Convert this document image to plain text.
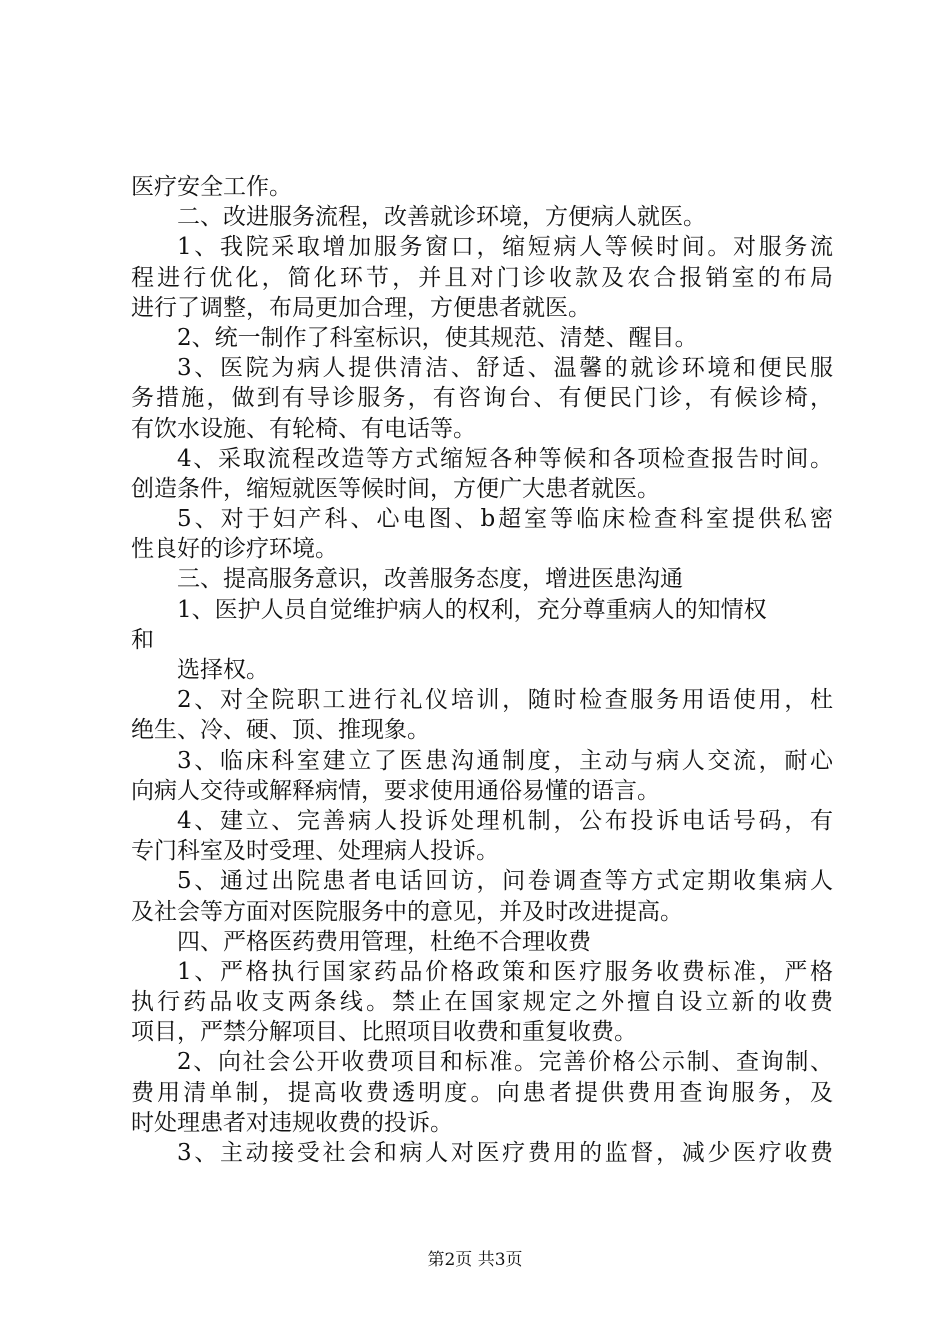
医疗安全工作。
二、改进服务流程，改善就诊环境，方便病人就医。
1、我院采取增加服务窗口，缩短病人等候时间。对服务流
程进行优化，简化环节，并且对门诊收款及农合报销室的布局
进行了调整，布局更加合理，方便患者就医。
2、统一制作了科室标识，使其规范、清楚、醒目。
3、医院为病人提供清洁、舒适、温馨的就诊环境和便民服
务措施，做到有导诊服务，有咨询台、有便民门诊，有候诊椅，
有饮水设施、有轮椅、有电话等。
4、采取流程改造等方式缩短各种等候和各项检查报告时间。
创造条件，缩短就医等候时间，方便广大患者就医。
5、对于妇产科、心电图、b超室等临床检查科室提供私密
性良好的诊疗环境。
三、提高服务意识，改善服务态度，增进医患沟通
1、医护人员自觉维护病人的权利，充分尊重病人的知情权
和
选择权。
2、对全院职工进行礼仪培训，随时检查服务用语使用，杜
绝生、冷、硬、顶、推现象。
3、临床科室建立了医患沟通制度，主动与病人交流，耐心
向病人交待或解释病情，要求使用通俗易懂的语言。
4、建立、完善病人投诉处理机制，公布投诉电话号码，有
专门科室及时受理、处理病人投诉。
5、通过出院患者电话回访，问卷调查等方式定期收集病人
及社会等方面对医院服务中的意见，并及时改进提高。
四、严格医药费用管理，杜绝不合理收费
1、严格执行国家药品价格政策和医疗服务收费标准，严格
执行药品收支两条线。禁止在国家规定之外擅自设立新的收费
项目，严禁分解项目、比照项目收费和重复收费。
2、向社会公开收费项目和标准。完善价格公示制、查询制、
费用清单制，提高收费透明度。向患者提供费用查询服务，及
时处理患者对违规收费的投诉。
3、主动接受社会和病人对医疗费用的监督，减少医疗收费
第2页 共3页
